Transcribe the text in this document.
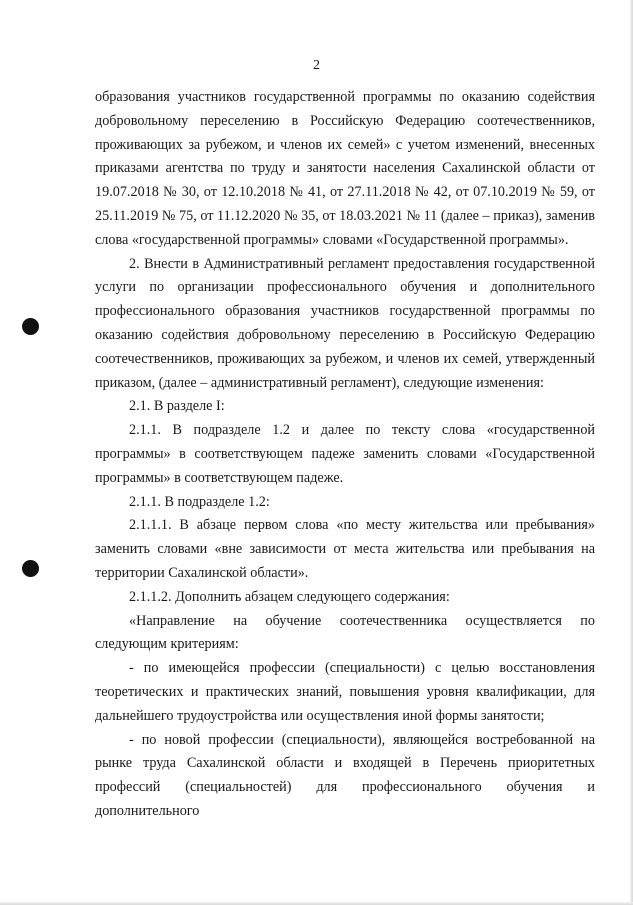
2

образования участников государственной программы по оказанию содействия добровольному переселению в Российскую Федерацию соотечественников, проживающих за рубежом, и членов их семей» с учетом изменений, внесенных приказами агентства по труду и занятости населения Сахалинской области от 19.07.2018 № 30, от 12.10.2018 № 41, от 27.11.2018 № 42, от 07.10.2019 № 59, от 25.11.2019 № 75, от 11.12.2020 № 35, от 18.03.2021 № 11 (далее – приказ), заменив слова «государственной программы» словами «Государственной программы».

2. Внести в Административный регламент предоставления государственной услуги по организации профессионального обучения и дополнительного профессионального образования участников государственной программы по оказанию содействия добровольному переселению в Российскую Федерацию соотечественников, проживающих за рубежом, и членов их семей, утвержденный приказом, (далее – административный регламент), следующие изменения:

2.1. В разделе I:

2.1.1. В подразделе 1.2 и далее по тексту слова «государственной программы» в соответствующем падеже заменить словами «Государственной программы» в соответствующем падеже.

2.1.1. В подразделе 1.2:

2.1.1.1. В абзаце первом слова «по месту жительства или пребывания» заменить словами «вне зависимости от места жительства или пребывания на территории Сахалинской области».

2.1.1.2. Дополнить абзацем следующего содержания:

«Направление на обучение соотечественника осуществляется по следующим критериям:

- по имеющейся профессии (специальности) с целью восстановления теоретических и практических знаний, повышения уровня квалификации, для дальнейшего трудоустройства или осуществления иной формы занятости;

- по новой профессии (специальности), являющейся востребованной на рынке труда Сахалинской области и входящей в Перечень приоритетных профессий (специальностей) для профессионального обучения и дополнительного
